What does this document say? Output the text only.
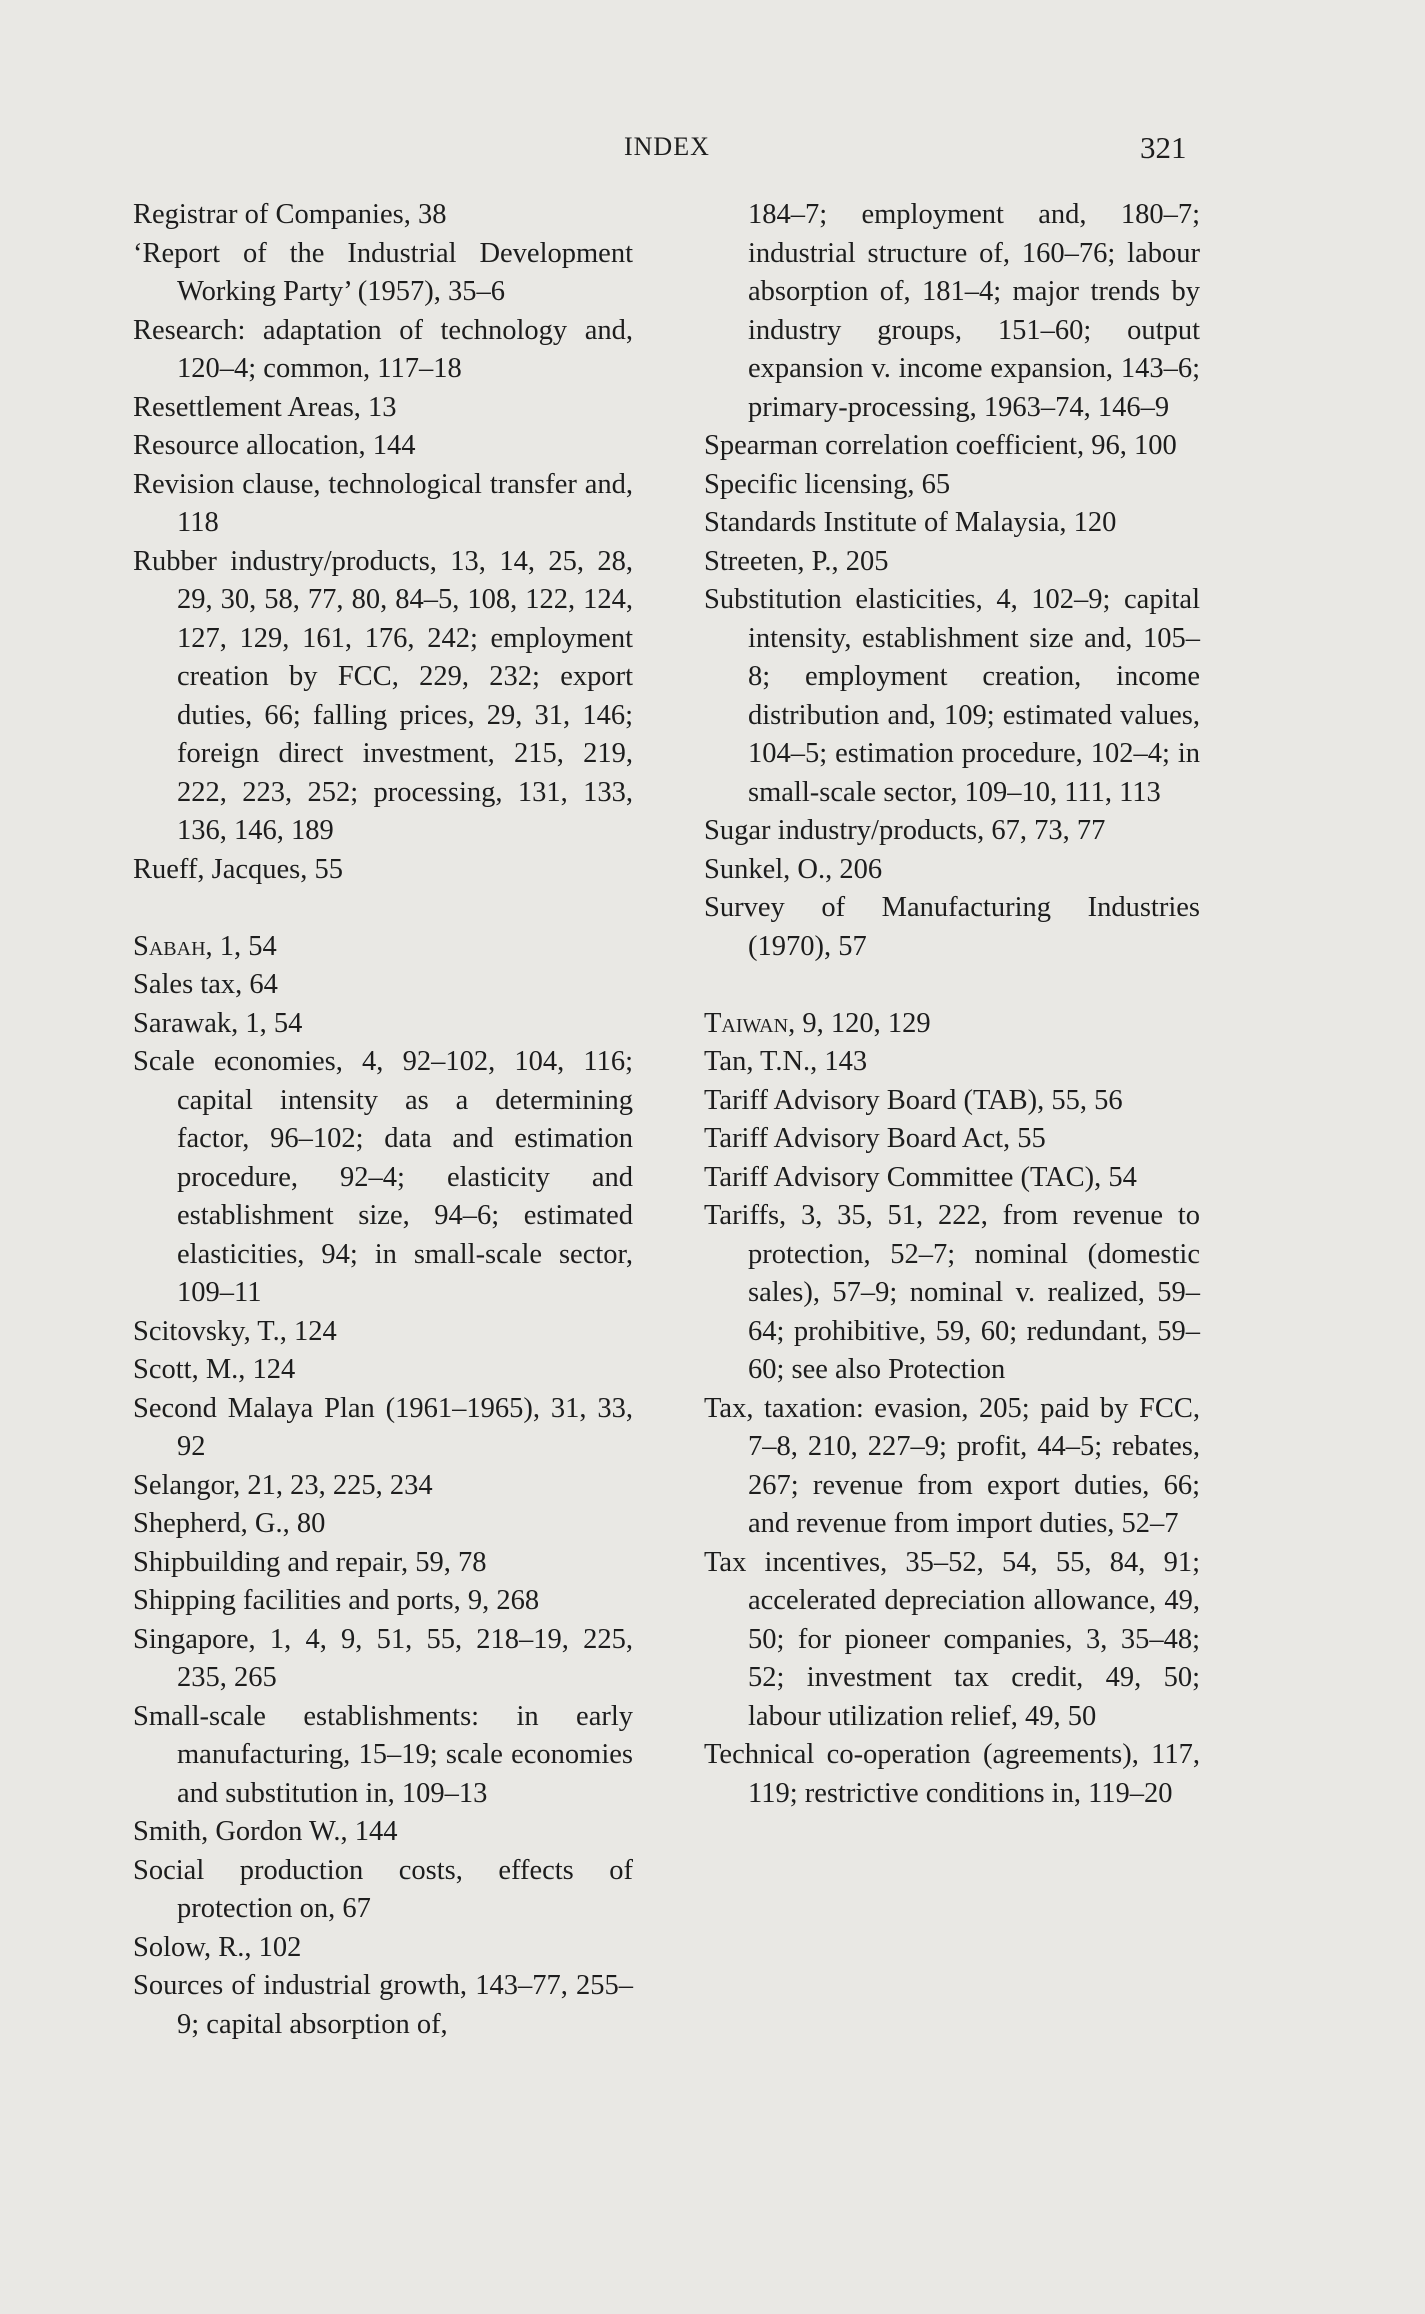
INDEX	321
Registrar of Companies, 38
‘Report of the Industrial Development Working Party’ (1957), 35–6
Research: adaptation of technology and, 120–4; common, 117–18
Resettlement Areas, 13
Resource allocation, 144
Revision clause, technological transfer and, 118
Rubber industry/products, 13, 14, 25, 28, 29, 30, 58, 77, 80, 84–5, 108, 122, 124, 127, 129, 161, 176, 242; employment creation by FCC, 229, 232; export duties, 66; falling prices, 29, 31, 146; foreign direct investment, 215, 219, 222, 223, 252; processing, 131, 133, 136, 146, 189
Rueff, Jacques, 55
Sabah, 1, 54
Sales tax, 64
Sarawak, 1, 54
Scale economies, 4, 92–102, 104, 116; capital intensity as a determining factor, 96–102; data and estimation procedure, 92–4; elasticity and establishment size, 94–6; estimated elasticities, 94; in small-scale sector, 109–11
Scitovsky, T., 124
Scott, M., 124
Second Malaya Plan (1961–1965), 31, 33, 92
Selangor, 21, 23, 225, 234
Shepherd, G., 80
Shipbuilding and repair, 59, 78
Shipping facilities and ports, 9, 268
Singapore, 1, 4, 9, 51, 55, 218–19, 225, 235, 265
Small-scale establishments: in early manufacturing, 15–19; scale economies and substitution in, 109–13
Smith, Gordon W., 144
Social production costs, effects of protection on, 67
Solow, R., 102
Sources of industrial growth, 143–77, 255–9; capital absorption of,
184–7; employment and, 180–7; industrial structure of, 160–76; labour absorption of, 181–4; major trends by industry groups, 151–60; output expansion v. income expansion, 143–6; primary-processing, 1963–74, 146–9
Spearman correlation coefficient, 96, 100
Specific licensing, 65
Standards Institute of Malaysia, 120
Streeten, P., 205
Substitution elasticities, 4, 102–9; capital intensity, establishment size and, 105–8; employment creation, income distribution and, 109; estimated values, 104–5; estimation procedure, 102–4; in small-scale sector, 109–10, 111, 113
Sugar industry/products, 67, 73, 77
Sunkel, O., 206
Survey of Manufacturing Industries (1970), 57
Taiwan, 9, 120, 129
Tan, T.N., 143
Tariff Advisory Board (TAB), 55, 56
Tariff Advisory Board Act, 55
Tariff Advisory Committee (TAC), 54
Tariffs, 3, 35, 51, 222, from revenue to protection, 52–7; nominal (domestic sales), 57–9; nominal v. realized, 59–64; prohibitive, 59, 60; redundant, 59–60; see also Protection
Tax, taxation: evasion, 205; paid by FCC, 7–8, 210, 227–9; profit, 44–5; rebates, 267; revenue from export duties, 66; and revenue from import duties, 52–7
Tax incentives, 35–52, 54, 55, 84, 91; accelerated depreciation allowance, 49, 50; for pioneer companies, 3, 35–48; 52; investment tax credit, 49, 50; labour utilization relief, 49, 50
Technical co-operation (agreements), 117, 119; restrictive conditions in, 119–20
